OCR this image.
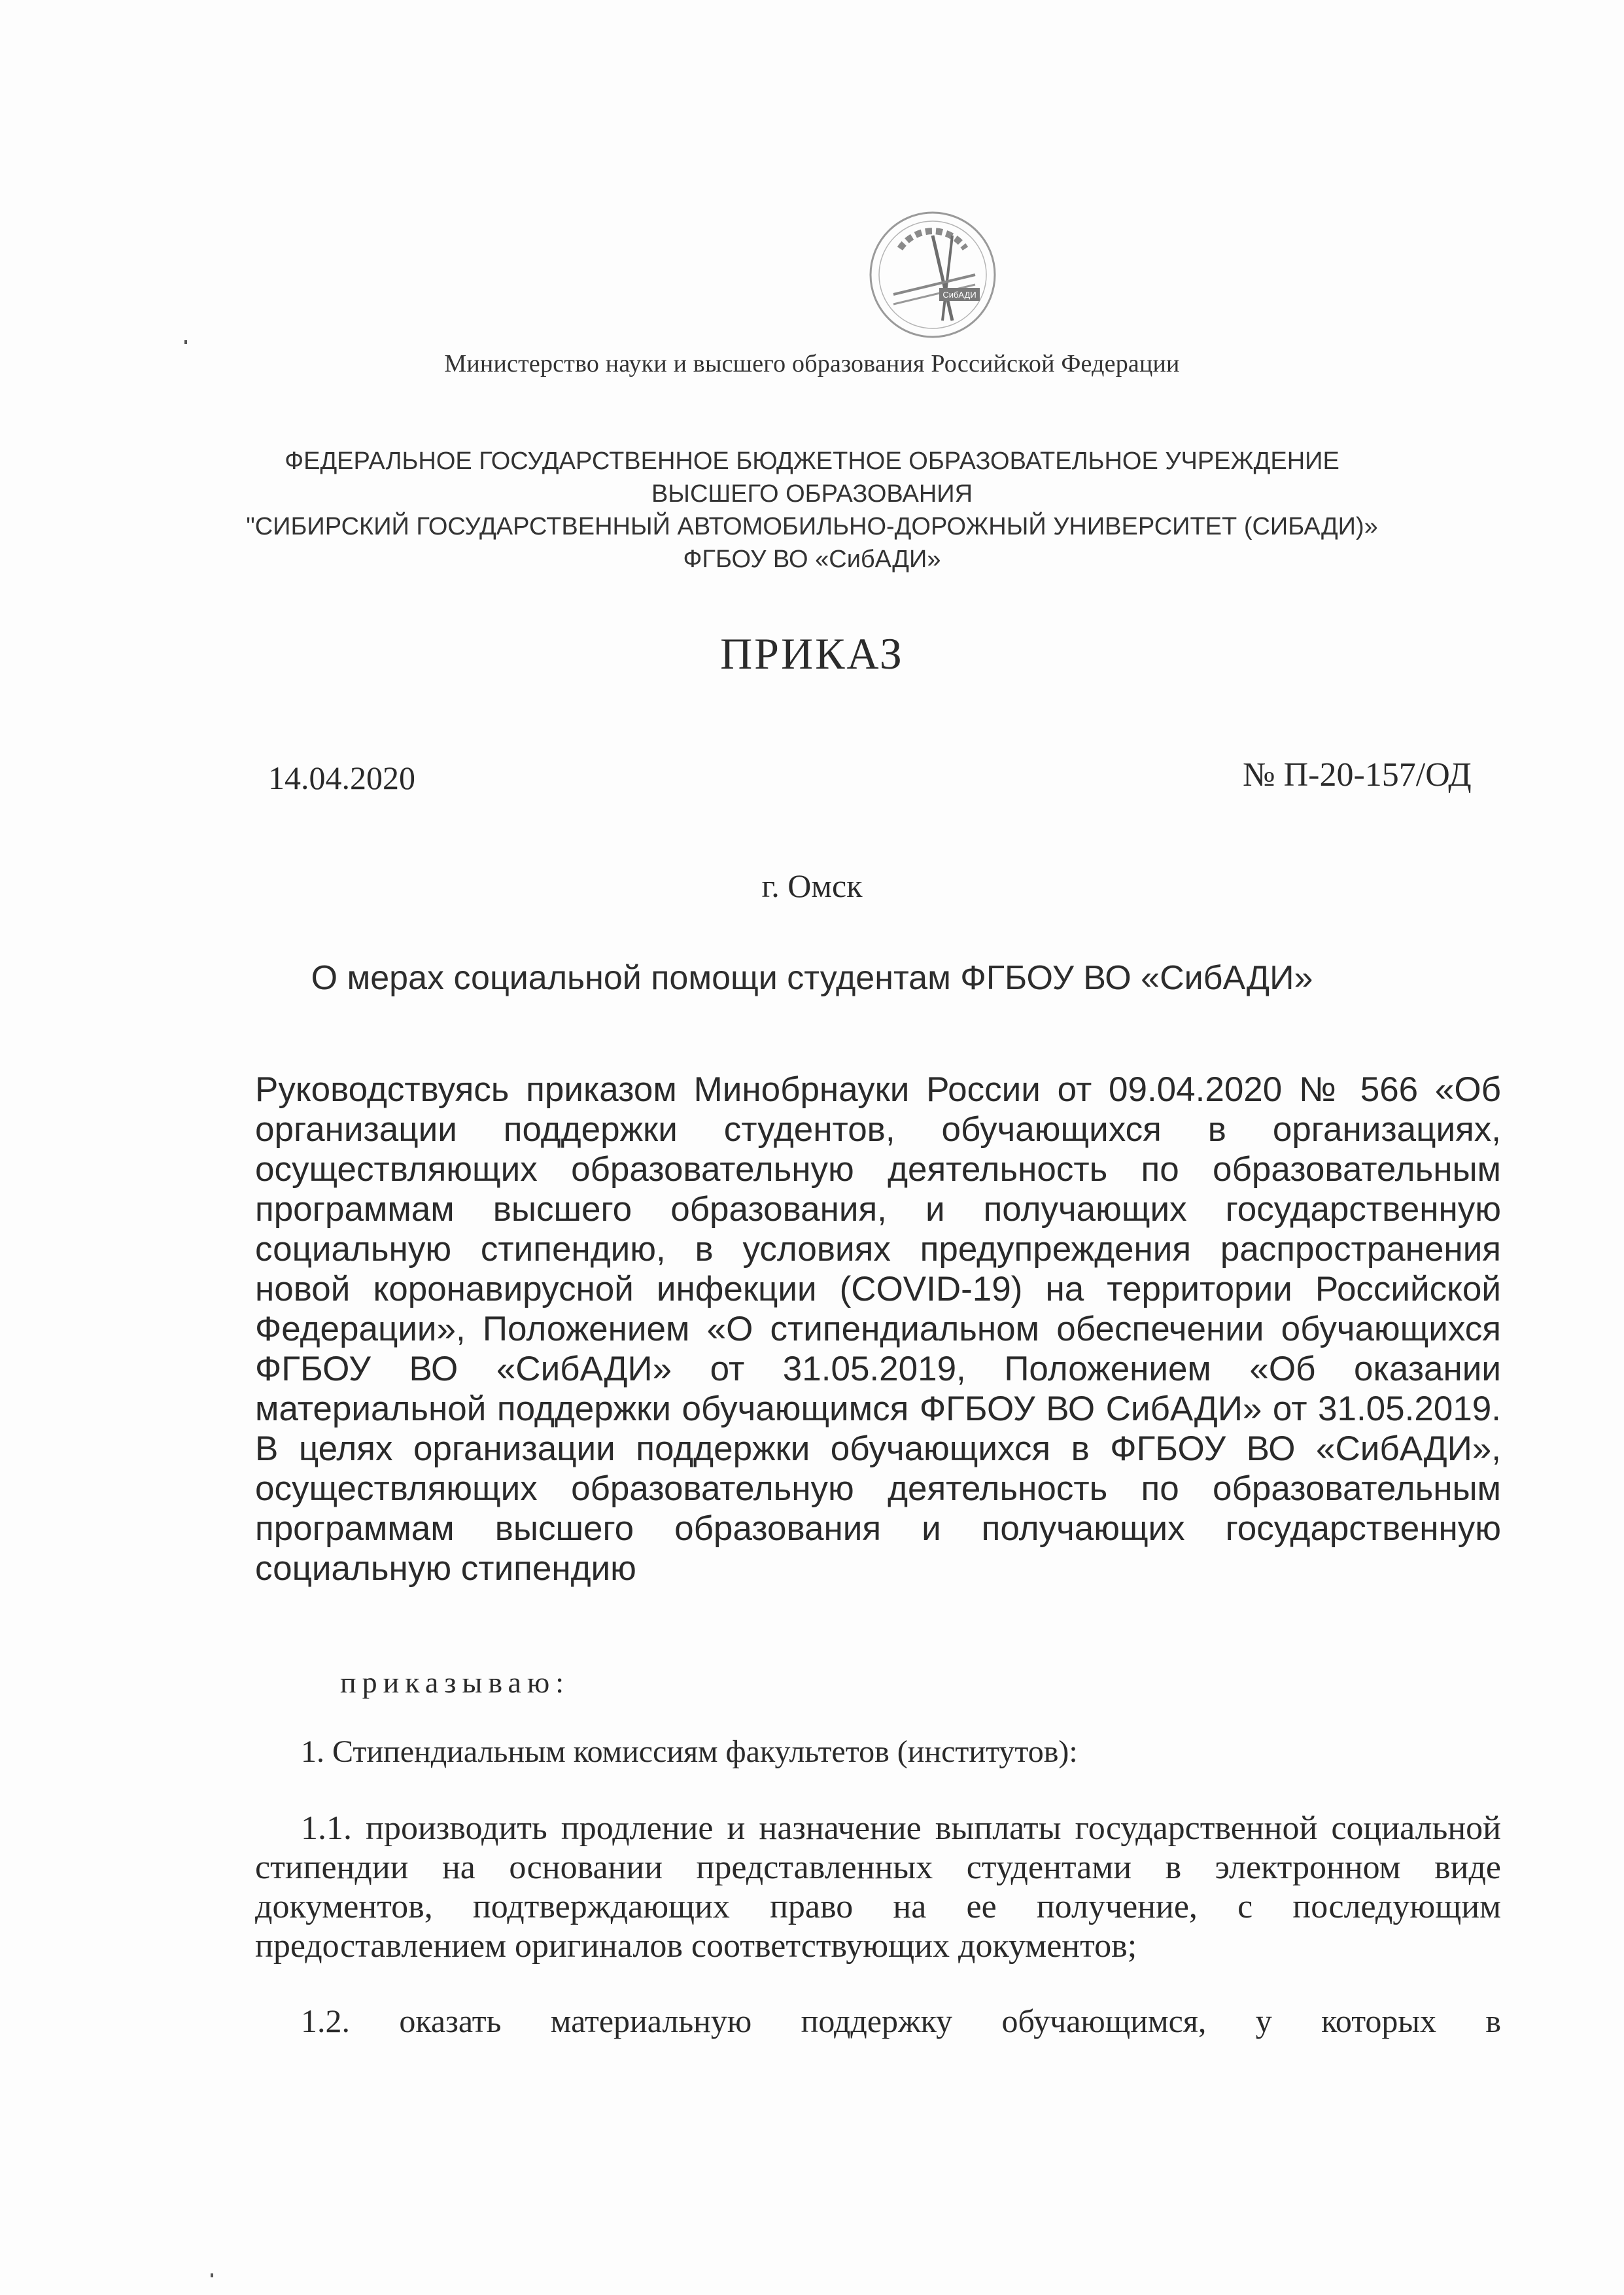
СибАДИ
Министерство науки и высшего образования Российской Федерации
ФЕДЕРАЛЬНОЕ ГОСУДАРСТВЕННОЕ БЮДЖЕТНОЕ ОБРАЗОВАТЕЛЬНОЕ УЧРЕЖДЕНИЕ
ВЫСШЕГО ОБРАЗОВАНИЯ
"СИБИРСКИЙ ГОСУДАРСТВЕННЫЙ АВТОМОБИЛЬНО-ДОРОЖНЫЙ УНИВЕРСИТЕТ (СИБАДИ)»
ФГБОУ ВО «СибАДИ»
ПРИКАЗ
14.04.2020	№ П-20-157/ОД
г. Омск
О мерах социальной помощи студентам ФГБОУ ВО «СибАДИ»
Руководствуясь приказом Минобрнауки России от 09.04.2020 № 566 «Об организации поддержки студентов, обучающихся в организациях, осуществляющих образовательную деятельность по образовательным программам высшего образования, и получающих государственную социальную стипендию, в условиях предупреждения распространения новой коронавирусной инфекции (COVID-19) на территории Российской Федерации», Положением «О стипендиальном обеспечении обучающихся ФГБОУ ВО «СибАДИ» от 31.05.2019, Положением «Об оказании материальной поддержки обучающимся ФГБОУ ВО СибАДИ» от 31.05.2019. В целях организации поддержки обучающихся в ФГБОУ ВО «СибАДИ», осуществляющих образовательную деятельность по образовательным программам высшего образования и получающих государственную социальную стипендию
приказываю:
1. Стипендиальным комиссиям факультетов (институтов):
1.1. производить продление и назначение выплаты государственной социальной стипендии на основании представленных студентами в электронном виде документов, подтверждающих право на ее получение, с последующим предоставлением оригиналов соответствующих документов;
1.2. оказать материальную поддержку обучающимся, у которых в
